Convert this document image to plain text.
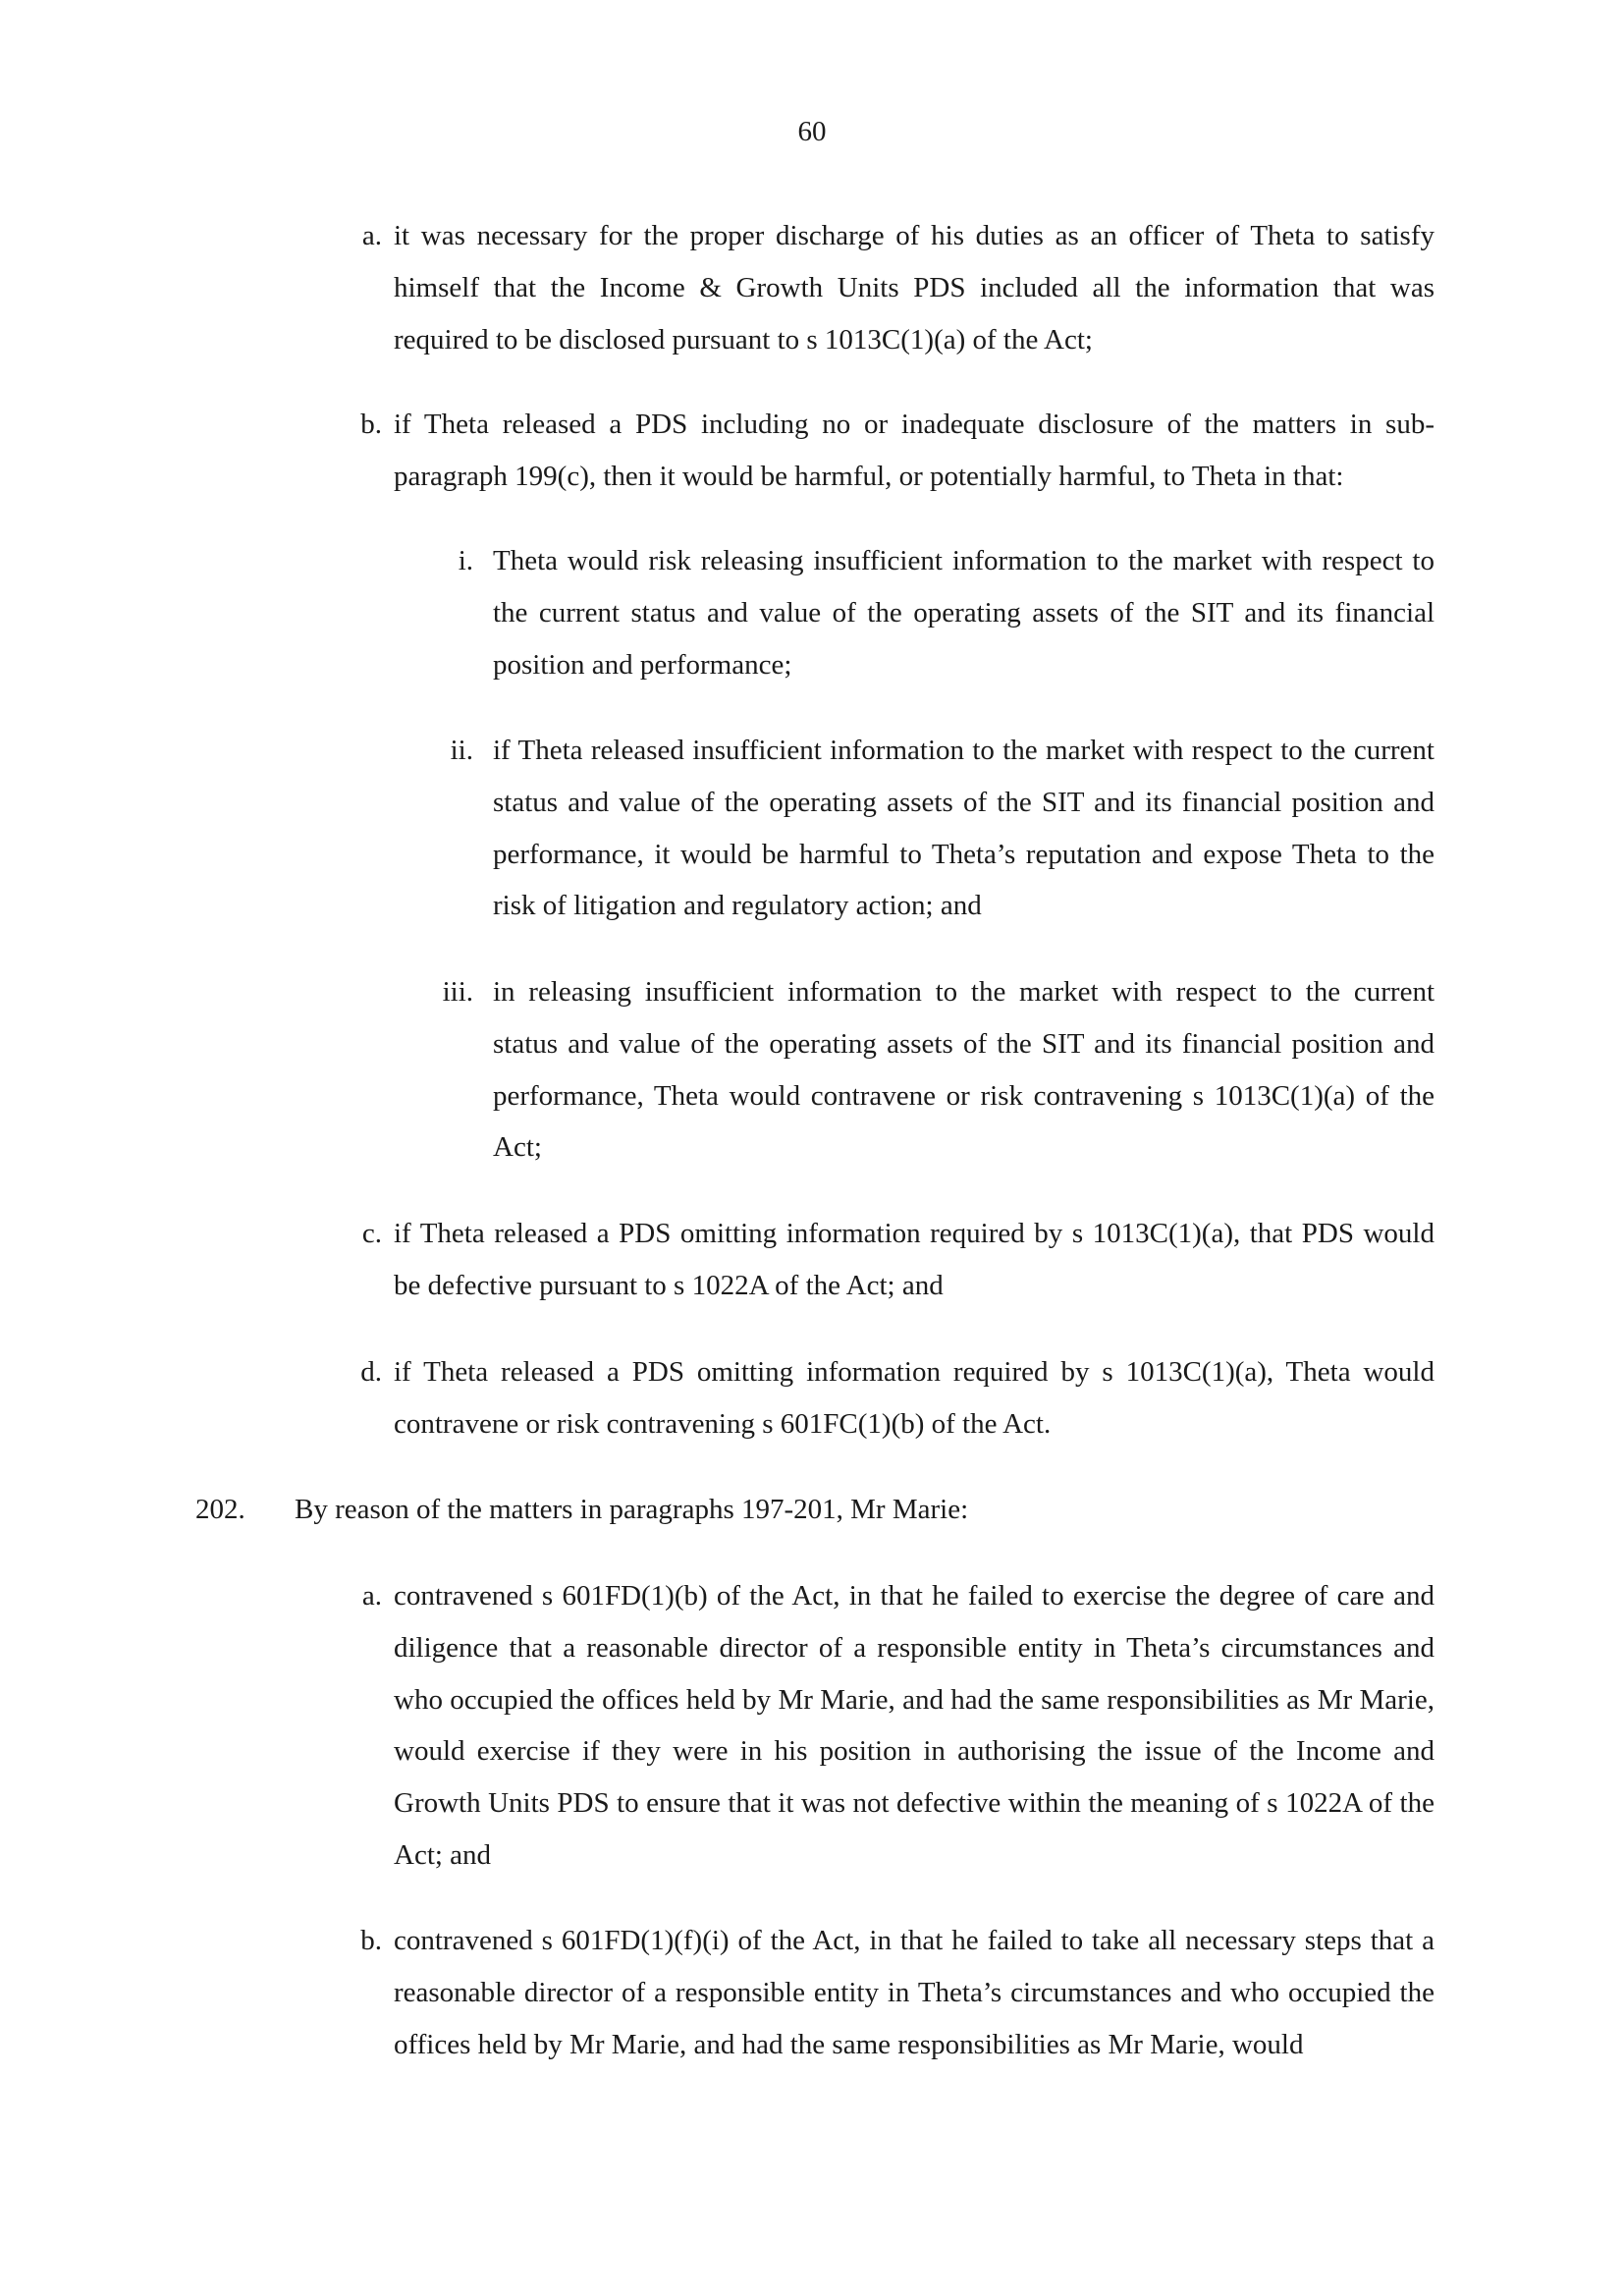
60
a. it was necessary for the proper discharge of his duties as an officer of Theta to satisfy himself that the Income & Growth Units PDS included all the information that was required to be disclosed pursuant to s 1013C(1)(a) of the Act;
b. if Theta released a PDS including no or inadequate disclosure of the matters in sub-paragraph 199(c), then it would be harmful, or potentially harmful, to Theta in that:
i. Theta would risk releasing insufficient information to the market with respect to the current status and value of the operating assets of the SIT and its financial position and performance;
ii. if Theta released insufficient information to the market with respect to the current status and value of the operating assets of the SIT and its financial position and performance, it would be harmful to Theta’s reputation and expose Theta to the risk of litigation and regulatory action; and
iii. in releasing insufficient information to the market with respect to the current status and value of the operating assets of the SIT and its financial position and performance, Theta would contravene or risk contravening s 1013C(1)(a) of the Act;
c. if Theta released a PDS omitting information required by s 1013C(1)(a), that PDS would be defective pursuant to s 1022A of the Act; and
d. if Theta released a PDS omitting information required by s 1013C(1)(a), Theta would contravene or risk contravening s 601FC(1)(b) of the Act.
202.	By reason of the matters in paragraphs 197-201, Mr Marie:
a. contravened s 601FD(1)(b) of the Act, in that he failed to exercise the degree of care and diligence that a reasonable director of a responsible entity in Theta’s circumstances and who occupied the offices held by Mr Marie, and had the same responsibilities as Mr Marie, would exercise if they were in his position in authorising the issue of the Income and Growth Units PDS to ensure that it was not defective within the meaning of s 1022A of the Act; and
b. contravened s 601FD(1)(f)(i) of the Act, in that he failed to take all necessary steps that a reasonable director of a responsible entity in Theta’s circumstances and who occupied the offices held by Mr Marie, and had the same responsibilities as Mr Marie, would
